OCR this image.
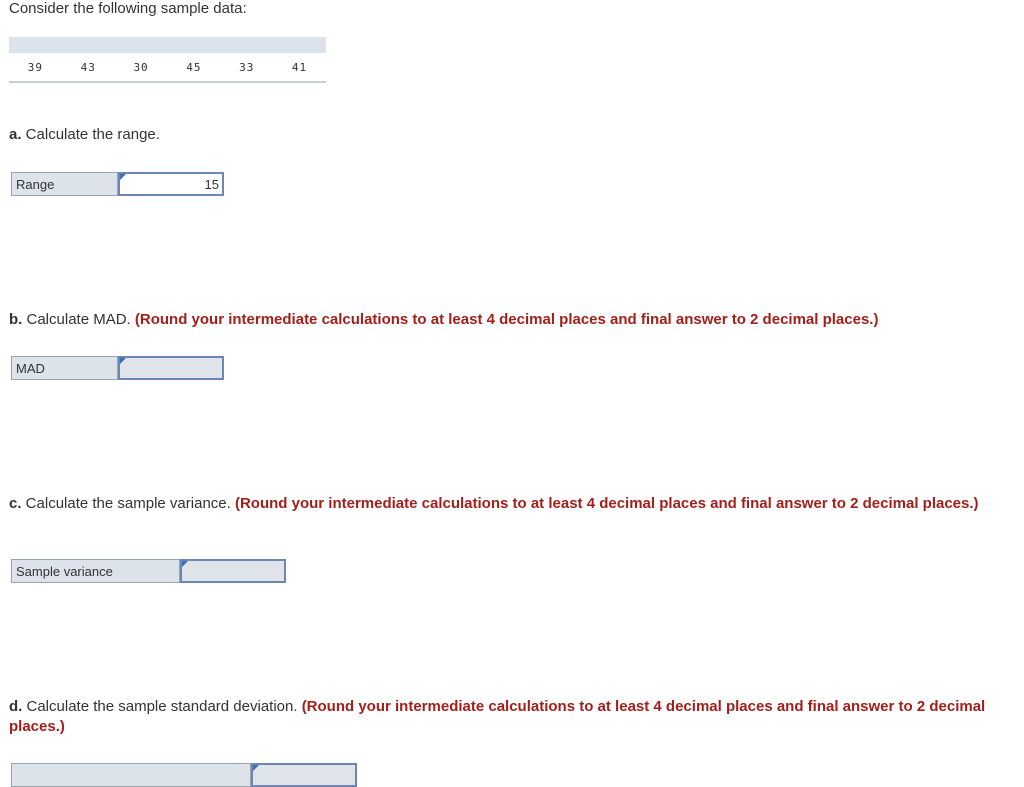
Consider the following sample data:
39	43	30	45	33	41
a. Calculate the range.
Range	15
b. Calculate MAD. (Round your intermediate calculations to at least 4 decimal places and final answer to 2 decimal places.)
MAD
c. Calculate the sample variance. (Round your intermediate calculations to at least 4 decimal places and final answer to 2 decimal places.)
Sample variance
d. Calculate the sample standard deviation. (Round your intermediate calculations to at least 4 decimal places and final answer to 2 decimal places.)
